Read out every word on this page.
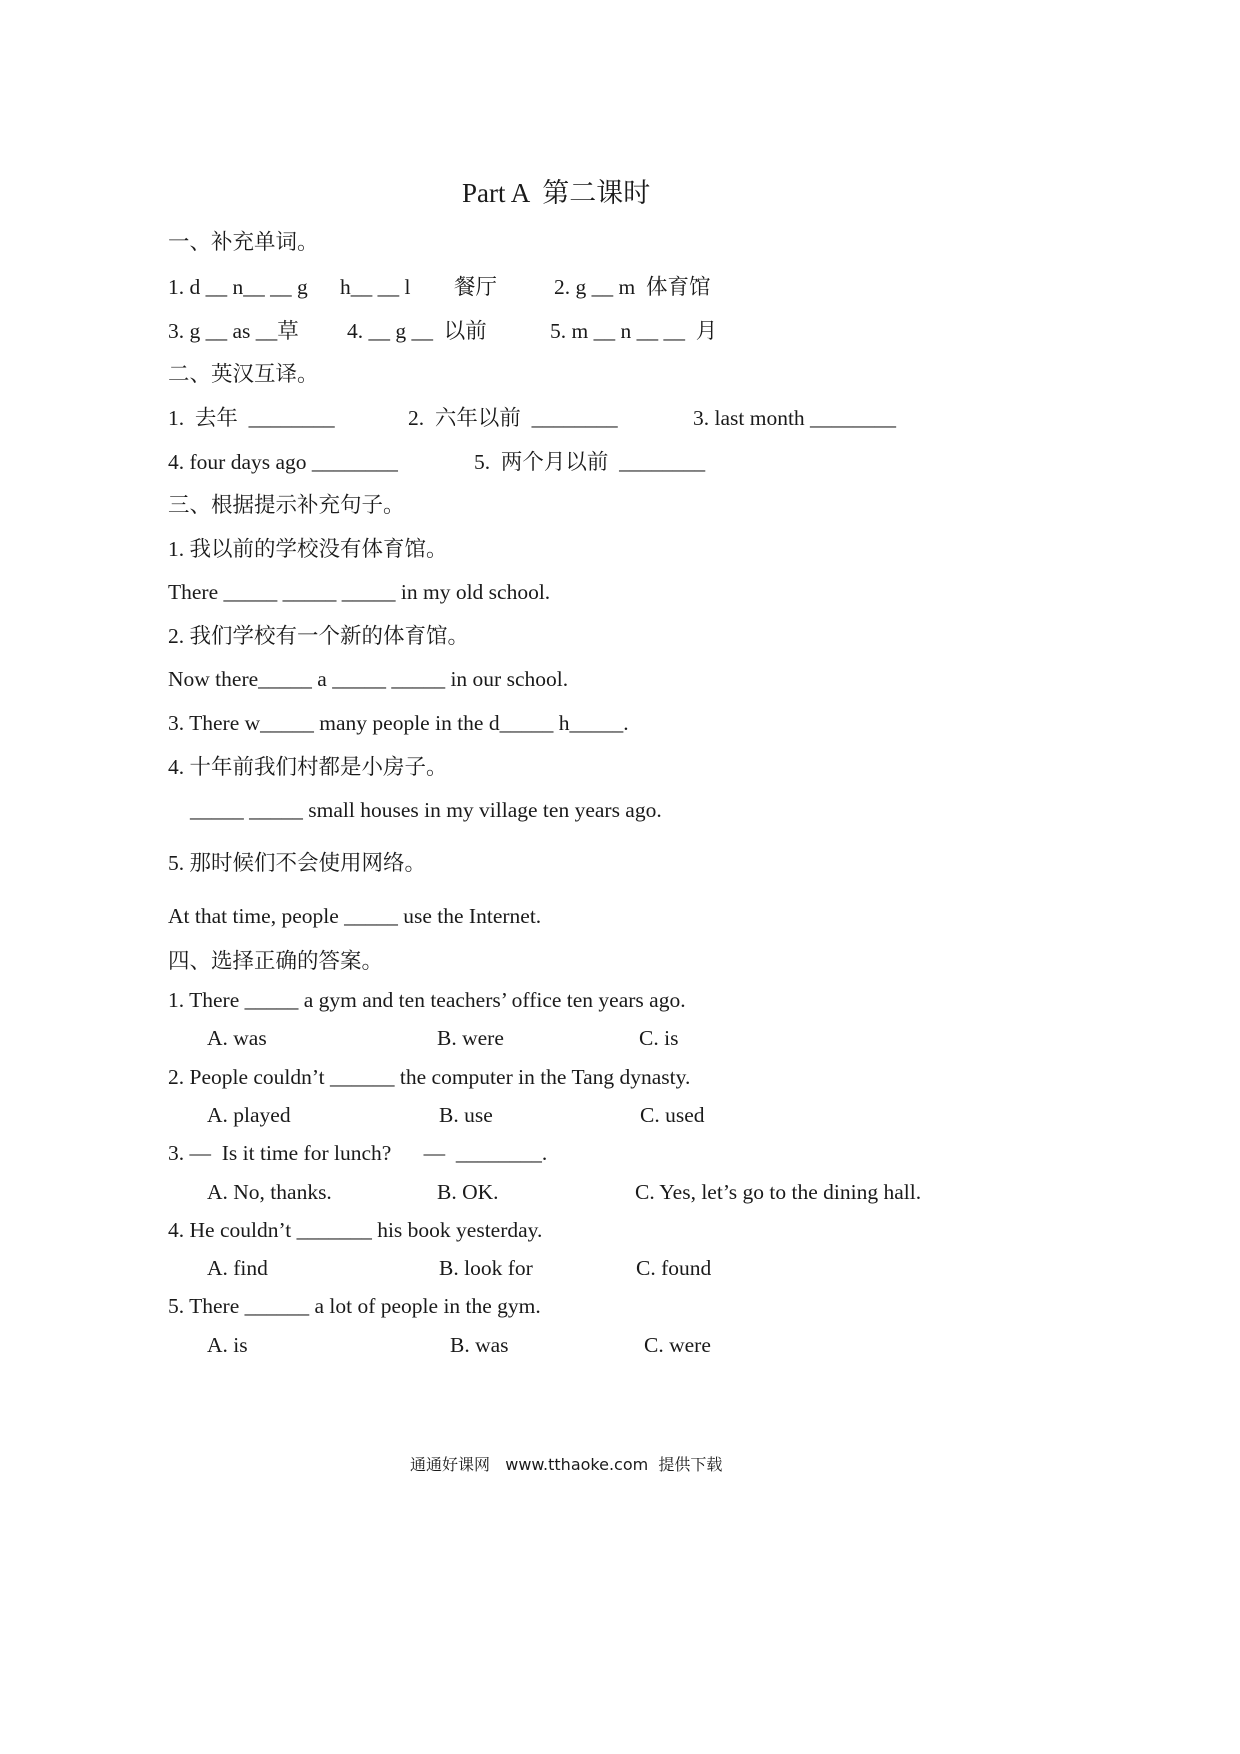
Part A  第二课时
一、补充单词。
1. d __ n__ __ g      h__ __ l 餐厅	2. g __ m  体育馆
3. g __ as __草 4. __ g __  以前	5. m __ n __ __  月
二、英汉互译。
1.  去年  ________	2.  六年以前  ________	3. last month ________
4. four days ago ________	5.  两个月以前  ________
三、根据提示补充句子。
1. 我以前的学校没有体育馆。
There _____ _____ _____ in my old school.
2. 我们学校有一个新的体育馆。
Now there_____ a _____ _____ in our school.
3. There w_____ many people in the d_____ h_____.
4. 十年前我们村都是小房子。
_____ _____ small houses in my village ten years ago.
5. 那时候们不会使用网络。
At that time, people _____ use the Internet.
四、选择正确的答案。
1. There _____ a gym and ten teachers’ office ten years ago.
A. was	B. were	C. is
2. People couldn’t ______ the computer in the Tang dynasty.
A. played	B. use	C. used
3. —  Is it time for lunch?      —  ________.
A. No, thanks.	B. OK.	C. Yes, let’s go to the dining hall.
4. He couldn’t _______ his book yesterday.
A. find	B. look for	C. found
5. There ______ a lot of people in the gym.
A. is	B. was	C. were
通通好课网   www.tthaoke.com  提供下载
